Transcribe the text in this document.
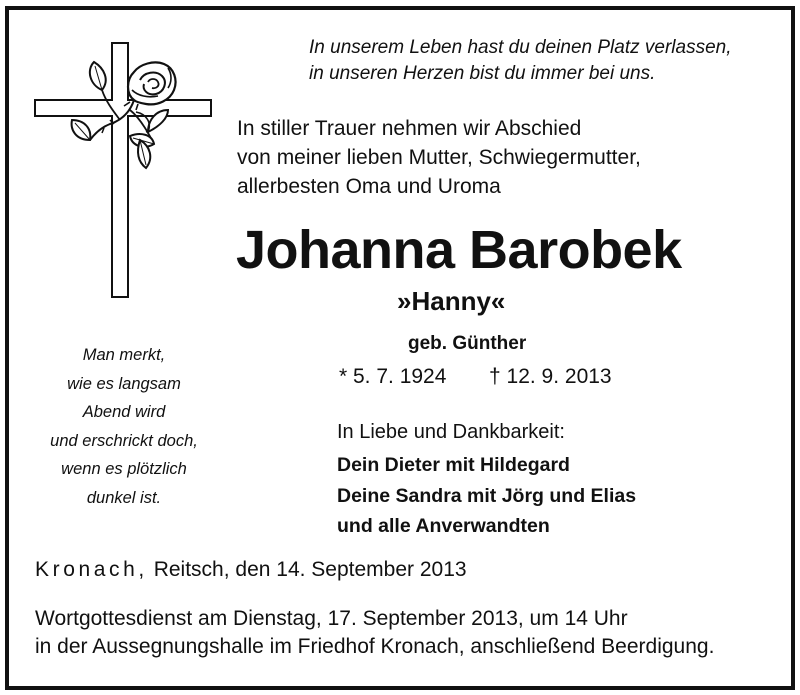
In unserem Leben hast du deinen Platz verlassen,
in unseren Herzen bist du immer bei uns.
In stiller Trauer nehmen wir Abschied
von meiner lieben Mutter, Schwiegermutter,
allerbesten Oma und Uroma
Johanna Barobek
»Hanny«
geb. Günther
* 5. 7. 1924 † 12. 9. 2013
Man merkt,
wie es langsam
Abend wird
und erschrickt doch,
wenn es plötzlich
dunkel ist.
In Liebe und Dankbarkeit:
Dein Dieter mit Hildegard
Deine Sandra mit Jörg und Elias
und alle Anverwandten
Kronach, Reitsch, den 14. September 2013
Wortgottesdienst am Dienstag, 17. September 2013, um 14 Uhr
in der Aussegnungshalle im Friedhof Kronach, anschließend Beerdigung.
